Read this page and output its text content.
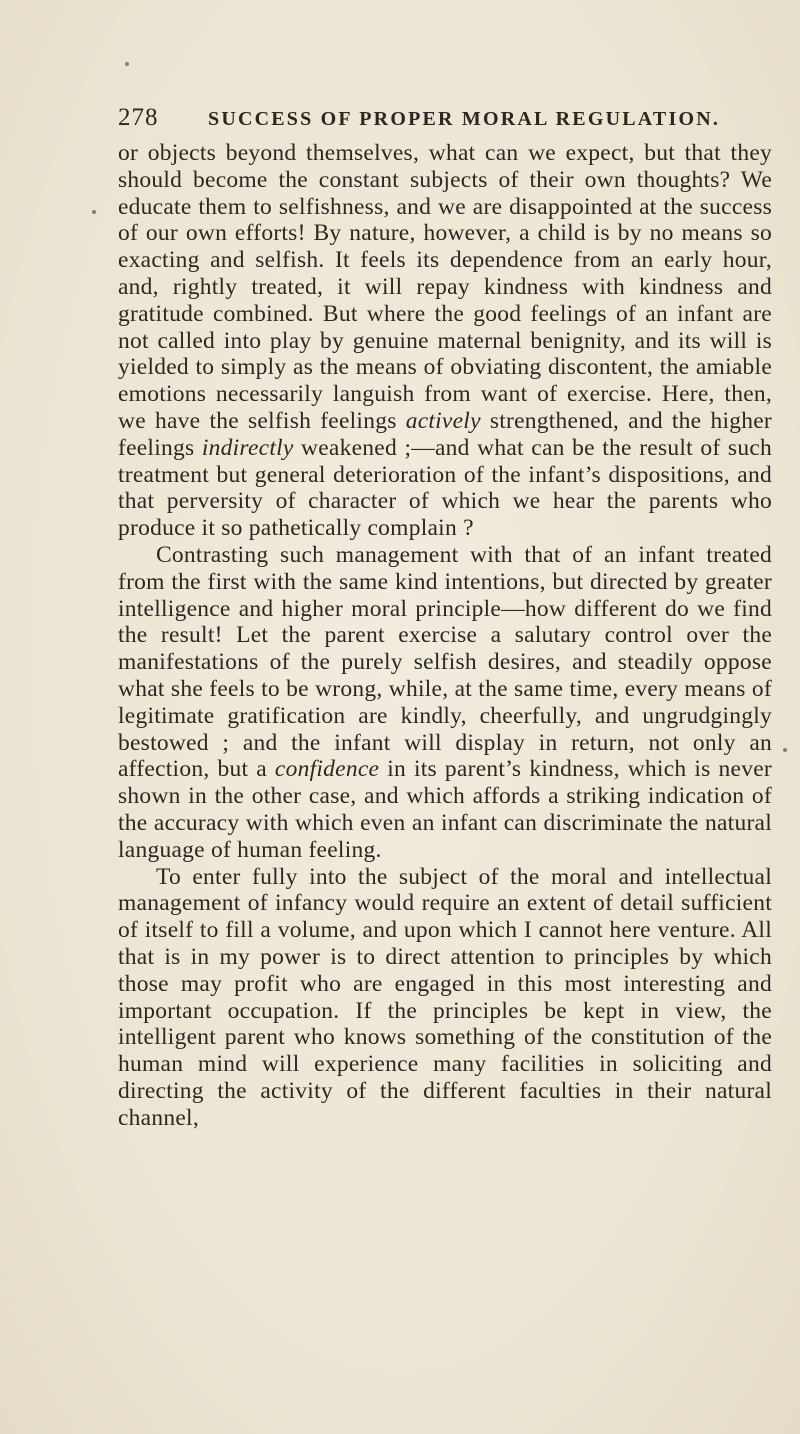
278	SUCCESS OF PROPER MORAL REGULATION.

or objects beyond themselves, what can we expect, but that they should become the constant subjects of their own thoughts? We educate them to selfishness, and we are disappointed at the success of our own efforts! By nature, however, a child is by no means so exacting and selfish. It feels its dependence from an early hour, and, rightly treated, it will repay kindness with kindness and gratitude combined. But where the good feelings of an infant are not called into play by genuine maternal benignity, and its will is yielded to simply as the means of obviating discontent, the amiable emotions necessarily languish from want of exercise. Here, then, we have the selfish feelings actively strengthened, and the higher feelings indirectly weakened ;—and what can be the result of such treatment but general deterioration of the infant’s dispositions, and that perversity of character of which we hear the parents who produce it so pathetically complain ?

Contrasting such management with that of an infant treated from the first with the same kind intentions, but directed by greater intelligence and higher moral principle—how different do we find the result! Let the parent exercise a salutary control over the manifestations of the purely selfish desires, and steadily oppose what she feels to be wrong, while, at the same time, every means of legitimate gratification are kindly, cheerfully, and ungrudgingly bestowed ; and the infant will display in return, not only an affection, but a confidence in its parent’s kindness, which is never shown in the other case, and which affords a striking indication of the accuracy with which even an infant can discriminate the natural language of human feeling.

To enter fully into the subject of the moral and intellectual management of infancy would require an extent of detail sufficient of itself to fill a volume, and upon which I cannot here venture. All that is in my power is to direct attention to principles by which those may profit who are engaged in this most interesting and important occupation. If the principles be kept in view, the intelligent parent who knows something of the constitution of the human mind will experience many facilities in soliciting and directing the activity of the different faculties in their natural channel,
